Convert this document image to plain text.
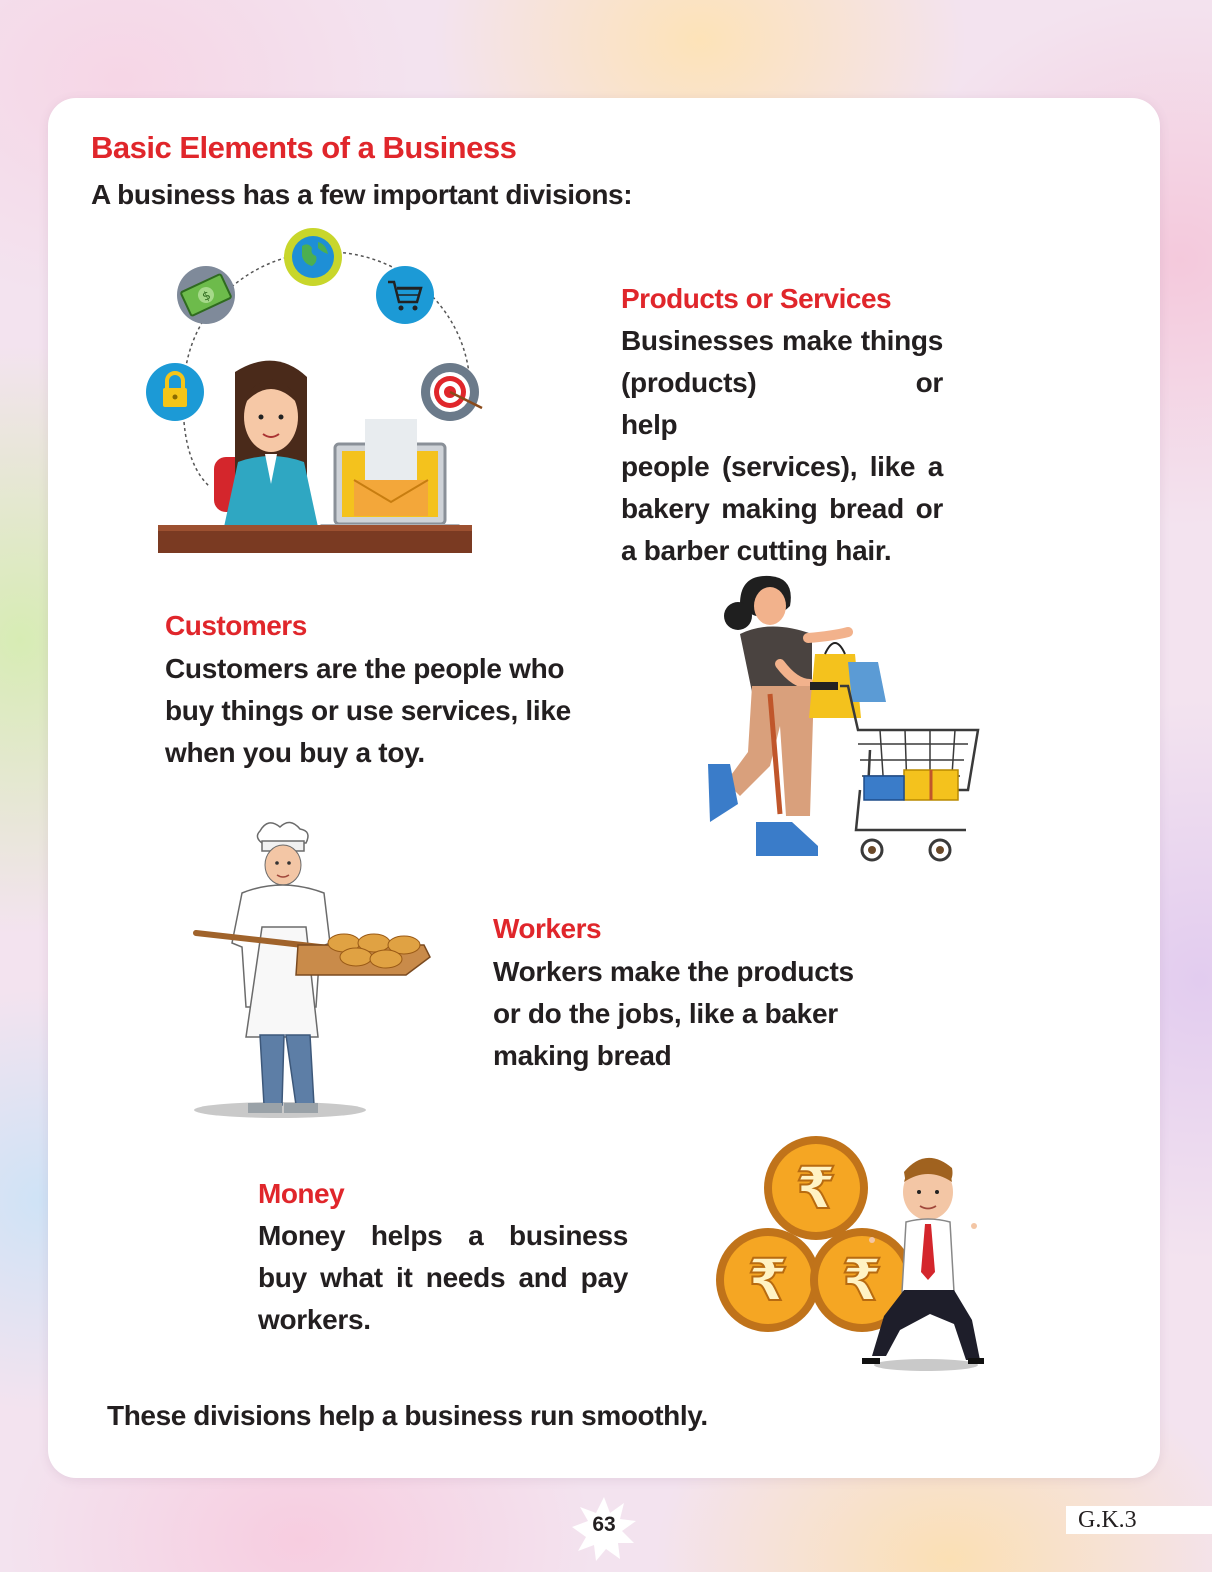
Basic Elements of a Business

A business has a few important divisions:

$	Products or Services
Businesses make things
(products) or help
people (services), like a
bakery making bread or
a barber cutting hair.
Customers
Customers are the people who
buy things or use services, like
when you buy a toy.
Workers
Workers make the products
or do the jobs, like a baker
making bread
₹
₹ ₹
Money
Money helps a business
buy what it needs and pay
workers.

These divisions help a business run smoothly.

63	G.K.3
